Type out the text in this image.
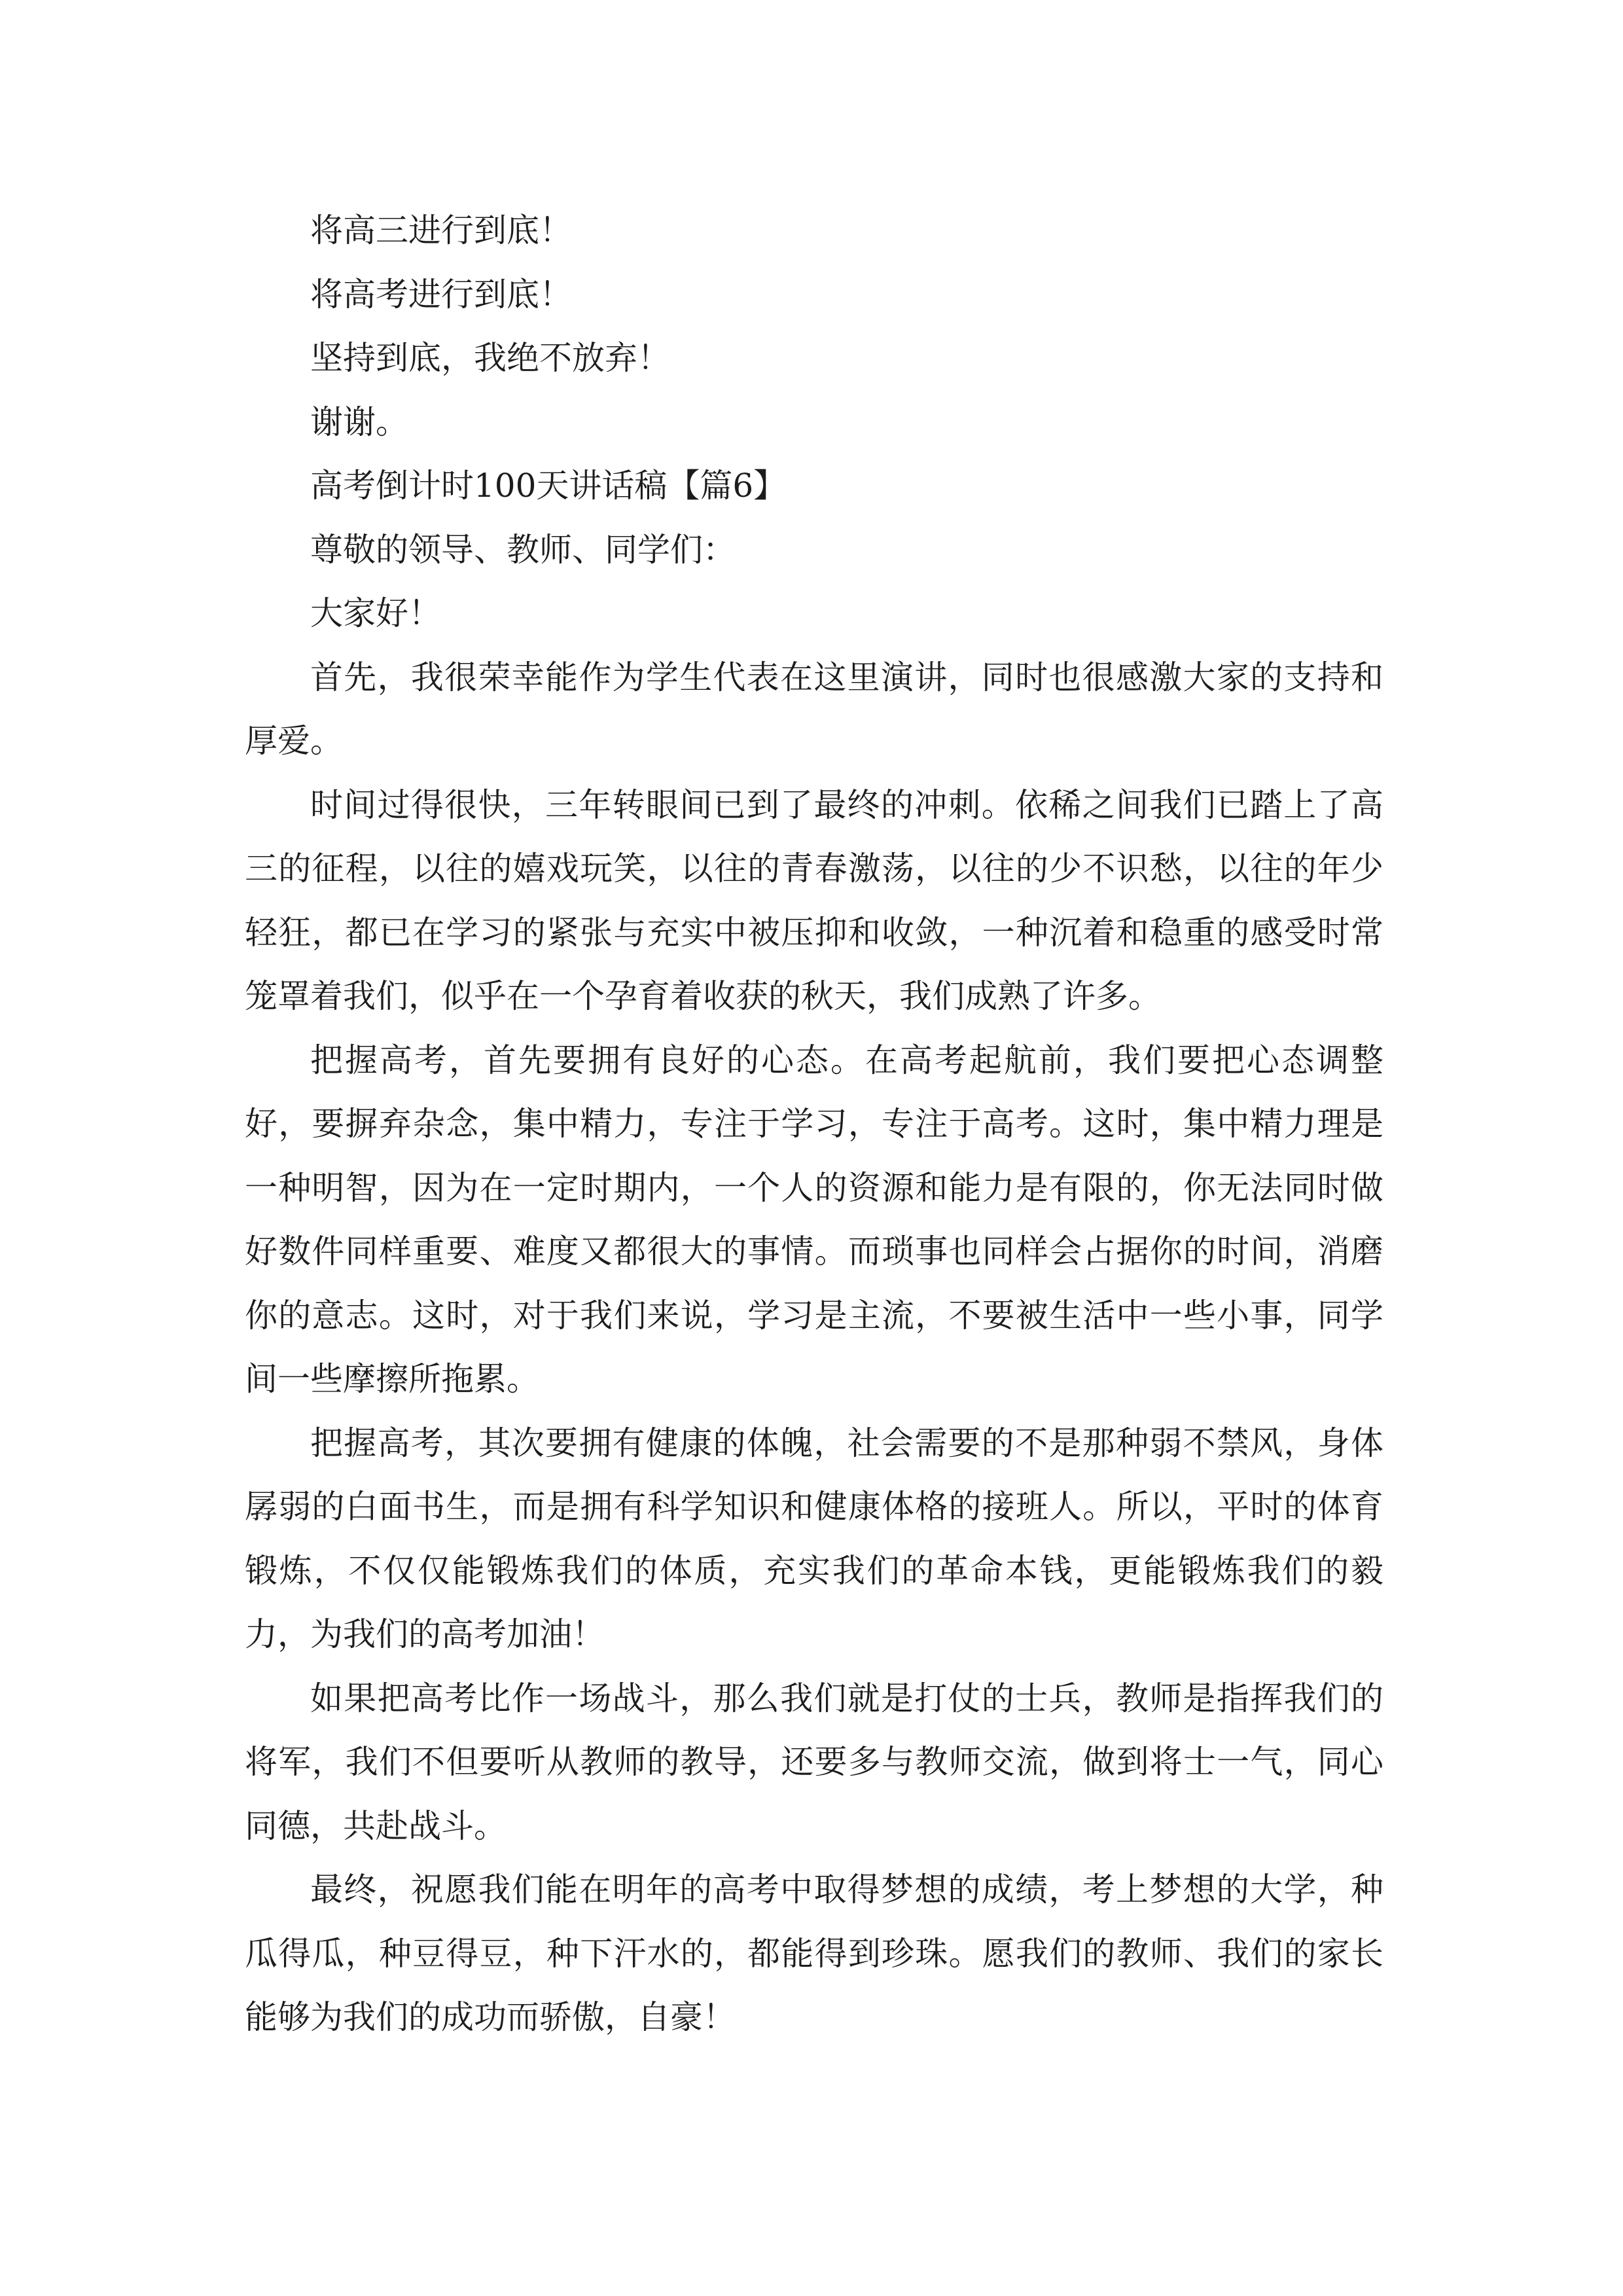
将高三进行到底！

将高考进行到底！

坚持到底，我绝不放弃！

谢谢。

高考倒计时100天讲话稿【篇6】

尊敬的领导、教师、同学们：

大家好！

首先，我很荣幸能作为学生代表在这里演讲，同时也很感激大家的支持和厚爱。

时间过得很快，三年转眼间已到了最终的冲刺。依稀之间我们已踏上了高三的征程，以往的嬉戏玩笑，以往的青春激荡，以往的少不识愁，以往的年少轻狂，都已在学习的紧张与充实中被压抑和收敛，一种沉着和稳重的感受时常笼罩着我们，似乎在一个孕育着收获的秋天，我们成熟了许多。

把握高考，首先要拥有良好的心态。在高考起航前，我们要把心态调整好，要摒弃杂念，集中精力，专注于学习，专注于高考。这时，集中精力理是一种明智，因为在一定时期内，一个人的资源和能力是有限的，你无法同时做好数件同样重要、难度又都很大的事情。而琐事也同样会占据你的时间，消磨你的意志。这时，对于我们来说，学习是主流，不要被生活中一些小事，同学间一些摩擦所拖累。

把握高考，其次要拥有健康的体魄，社会需要的不是那种弱不禁风，身体孱弱的白面书生，而是拥有科学知识和健康体格的接班人。所以，平时的体育锻炼，不仅仅能锻炼我们的体质，充实我们的革命本钱，更能锻炼我们的毅力，为我们的高考加油！

如果把高考比作一场战斗，那么我们就是打仗的士兵，教师是指挥我们的将军，我们不但要听从教师的教导，还要多与教师交流，做到将士一气，同心同德，共赴战斗。

最终，祝愿我们能在明年的高考中取得梦想的成绩，考上梦想的大学，种瓜得瓜，种豆得豆，种下汗水的，都能得到珍珠。愿我们的教师、我们的家长能够为我们的成功而骄傲，自豪！
